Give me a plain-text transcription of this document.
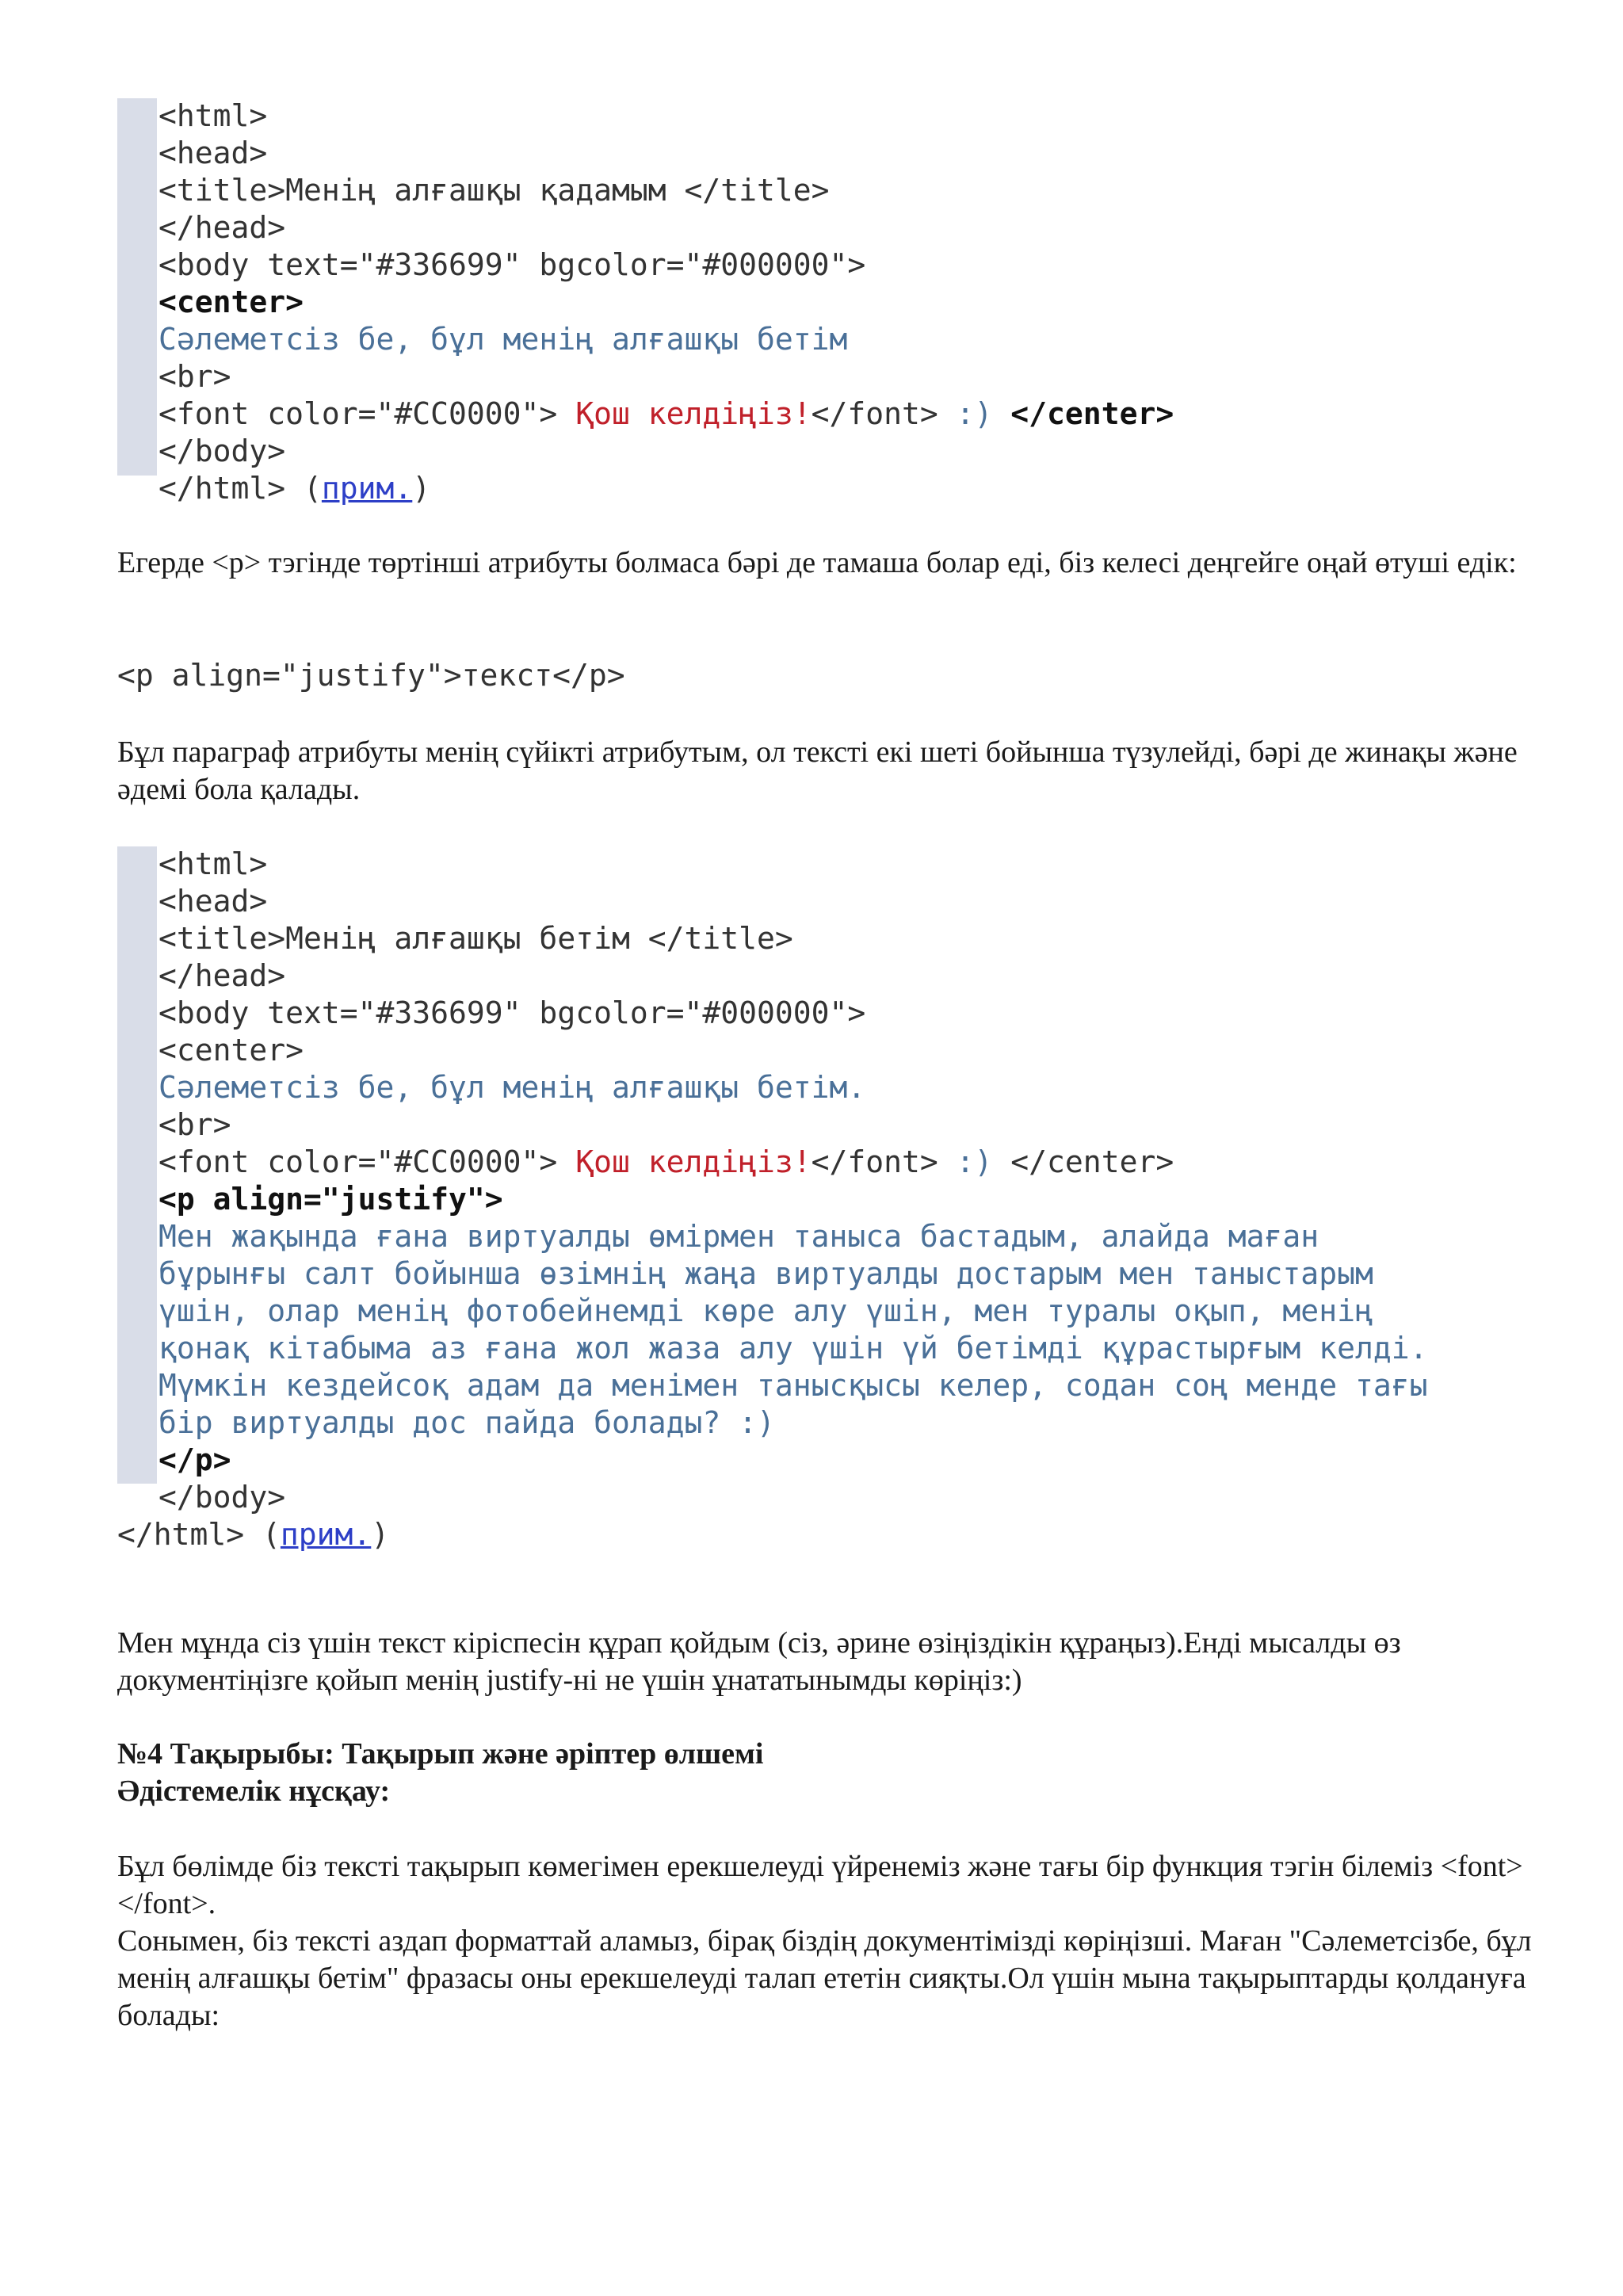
<html>

<head>

<title>Менің алғашқы қадамым </title>

</head>

<body text="#336699" bgcolor="#000000">

<center>

Сәлеметсіз бе, бұл менің алғашқы бетім

<br>

<font color="#CC0000"> Қош келдіңіз!</font> :) </center>

</body>

</html> (прим.)

Егерде <p> тэгінде төртінші атрибуты болмаса бәрі де тамаша болар еді, біз келесі деңгейге оңай өтуші едік:
<p align="justify">текст</p>
Бұл параграф атрибуты менің сүйікті атрибутым, ол тексті екі шеті бойынша түзулейді, бәрі де жинақы және әдемі бола қалады.

<html>

<head>

<title>Менің алғашқы бетім </title>

</head>

<body text="#336699" bgcolor="#000000">

<center>

Сәлеметсіз бе, бұл менің алғашқы бетім.

<br>

<font color="#CC0000"> Қош келдіңіз!</font> :) </center>

<p align="justify">

Мен жақында ғана виртуалды өмірмен таныса бастадым, алайда маған

бұрынғы салт бойынша өзімнің жаңа виртуалды достарым мен таныстарым

үшін, олар менің фотобейнемді көре алу үшін, мен туралы оқып, менің

қонақ кітабыма аз ғана жол жаза алу үшін үй бетімді құрастырғым келді.

Мүмкін кездейсоқ адам да менімен танысқысы келер, содан соң менде тағы

бір виртуалды дос пайда болады? :)

</p>

</body>

</html> (прим.)

Мен мұнда сіз үшін текст кіріспесін құрап қойдым (сіз, әрине өзіңіздікін құраңыз).Енді мысалды өз документіңізге қойып менің justify-ні не үшін ұнататынымды көріңіз:)
№4 Тақырыбы: Тақырып және әріптер өлшемі
Әдістемелік нұсқау:
Бұл бөлімде біз тексті тақырып көмегімен ерекшелеуді үйренеміз және тағы бір функция тэгін білеміз <font></font>.
Сонымен, біз тексті аздап форматтай аламыз, бірақ біздің документімізді көріңізші. Маған "Сәлеметсізбе, бұл менің алғашқы бетім" фразасы оны ерекшелеуді талап ететін сияқты.Ол үшін мына тақырыптарды қолдануға болады:
